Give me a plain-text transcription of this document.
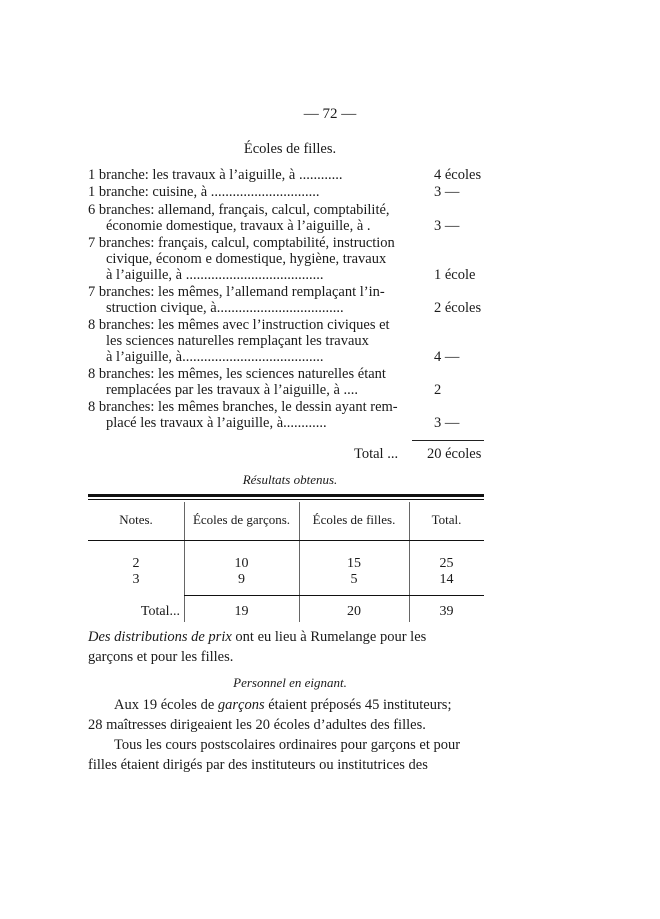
— 72 —
Écoles de filles.
1 branche: les travaux à l’aiguille, à ............	4 écoles
1 branche: cuisine, à ..............................	3 —
6 branches: allemand, français, calcul, comptabilité,
économie domestique, travaux à l’aiguille, à .	3 —
7 branches: français, calcul, comptabilité, instruction
civique, économ e domestique, hygiène, travaux
à l’aiguille, à ......................................	1 école
7 branches: les mêmes, l’allemand remplaçant l’in-
struction civique, à...................................	2 écoles
8 branches: les mêmes avec l’instruction civiques et
les sciences naturelles remplaçant les travaux
à l’aiguille, à.......................................	4 —
8 branches: les mêmes, les sciences naturelles étant
remplacées par les travaux à l’aiguille, à ....	2
8 branches: les mêmes branches, le dessin ayant rem-
placé les travaux à l’aiguille, à............	3 —
Total ... 20 écoles
Résultats obtenus.
Notes.	Écoles de garçons.	Écoles de filles.	Total.
2	10	15	25
3	9	5	14
Total...	19	20	39
Des distributions de prix ont eu lieu à Rumelange pour les
garçons et pour les filles.
Personnel en eignant.
Aux 19 écoles de garçons étaient préposés 45 instituteurs;
28 maîtresses dirigeaient les 20 écoles d’adultes des filles.
Tous les cours postscolaires ordinaires pour garçons et pour
filles étaient dirigés par des instituteurs ou institutrices des
